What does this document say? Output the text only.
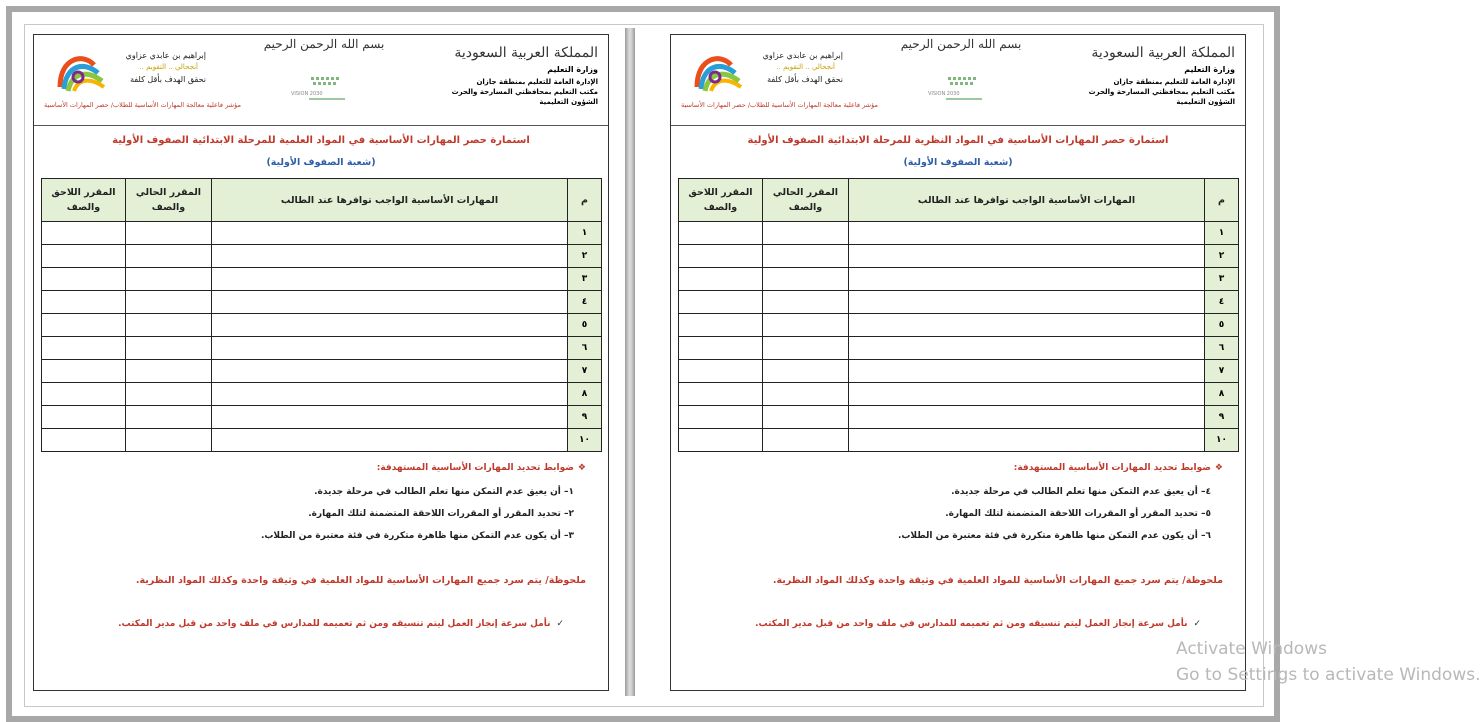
إبراهيم بن عابدي عزاوي
أنجحالي .. التقويم ..
نحقق الهدف بأقل كلفة
بسم الله الرحمن الرحيم
VISION 2030
المملكة العربية السعودية
وزارة التعليم
الإدارة العامة للتعليم بمنطقة جازان
مكتب التعليم بمحافظتي المسارحة والحرث
الشؤون التعليمية
مؤشر فاعلية معالجة المهارات الأساسية للطلاب/ حصر المهارات الأساسية
استمارة حصر المهارات الأساسية في المواد العلمية للمرحلة الابتدائية الصفوف الأولية
(شعبة الصفوف الأولية)
م	المهارات الأساسية الواجب توافرها عند الطالب	المقرر الحالي والصف	المقرر اللاحق والصف
١			
٢			
٣			
٤			
٥			
٦			
٧			
٨			
٩			
١٠			
❖ضوابط تحديد المهارات الأساسية المستهدفة:
١– أن يعيق عدم التمكن منها تعلم الطالب في مرحلة جديدة.
٢– تحديد المقرر أو المقررات اللاحقة المتضمنة لتلك المهارة.
٣– أن يكون عدم التمكن منها ظاهرة متكررة في فئة معتبرة من الطلاب.
ملحوظة/ يتم سرد جميع المهارات الأساسية للمواد العلمية في وثيقة واحدة وكذلك المواد النظرية.
✓نأمل سرعة إنجاز العمل ليتم تنسيقه ومن ثم تعميمه للمدارس في ملف واحد من قبل مدير المكتب.
إبراهيم بن عابدي عزاوي
أنجحالي .. التقويم ..
نحقق الهدف بأقل كلفة
بسم الله الرحمن الرحيم
VISION 2030
المملكة العربية السعودية
وزارة التعليم
الإدارة العامة للتعليم بمنطقة جازان
مكتب التعليم بمحافظتي المسارحة والحرث
الشؤون التعليمية
مؤشر فاعلية معالجة المهارات الأساسية للطلاب/ حصر المهارات الأساسية
استمارة حصر المهارات الأساسية في المواد النظرية للمرحلة الابتدائية الصفوف الأولية
(شعبة الصفوف الأولية)
م	المهارات الأساسية الواجب توافرها عند الطالب	المقرر الحالي والصف	المقرر اللاحق والصف
١			
٢			
٣			
٤			
٥			
٦			
٧			
٨			
٩			
١٠			
❖ضوابط تحديد المهارات الأساسية المستهدفة:
٤– أن يعيق عدم التمكن منها تعلم الطالب في مرحلة جديدة.
٥– تحديد المقرر أو المقررات اللاحقة المتضمنة لتلك المهارة.
٦– أن يكون عدم التمكن منها ظاهرة متكررة في فئة معتبرة من الطلاب.
ملحوظة/ يتم سرد جميع المهارات الأساسية للمواد العلمية في وثيقة واحدة وكذلك المواد النظرية.
✓نأمل سرعة إنجاز العمل ليتم تنسيقه ومن ثم تعميمه للمدارس في ملف واحد من قبل مدير المكتب.
Activate Windows
Go to Settings to activate Windows.
